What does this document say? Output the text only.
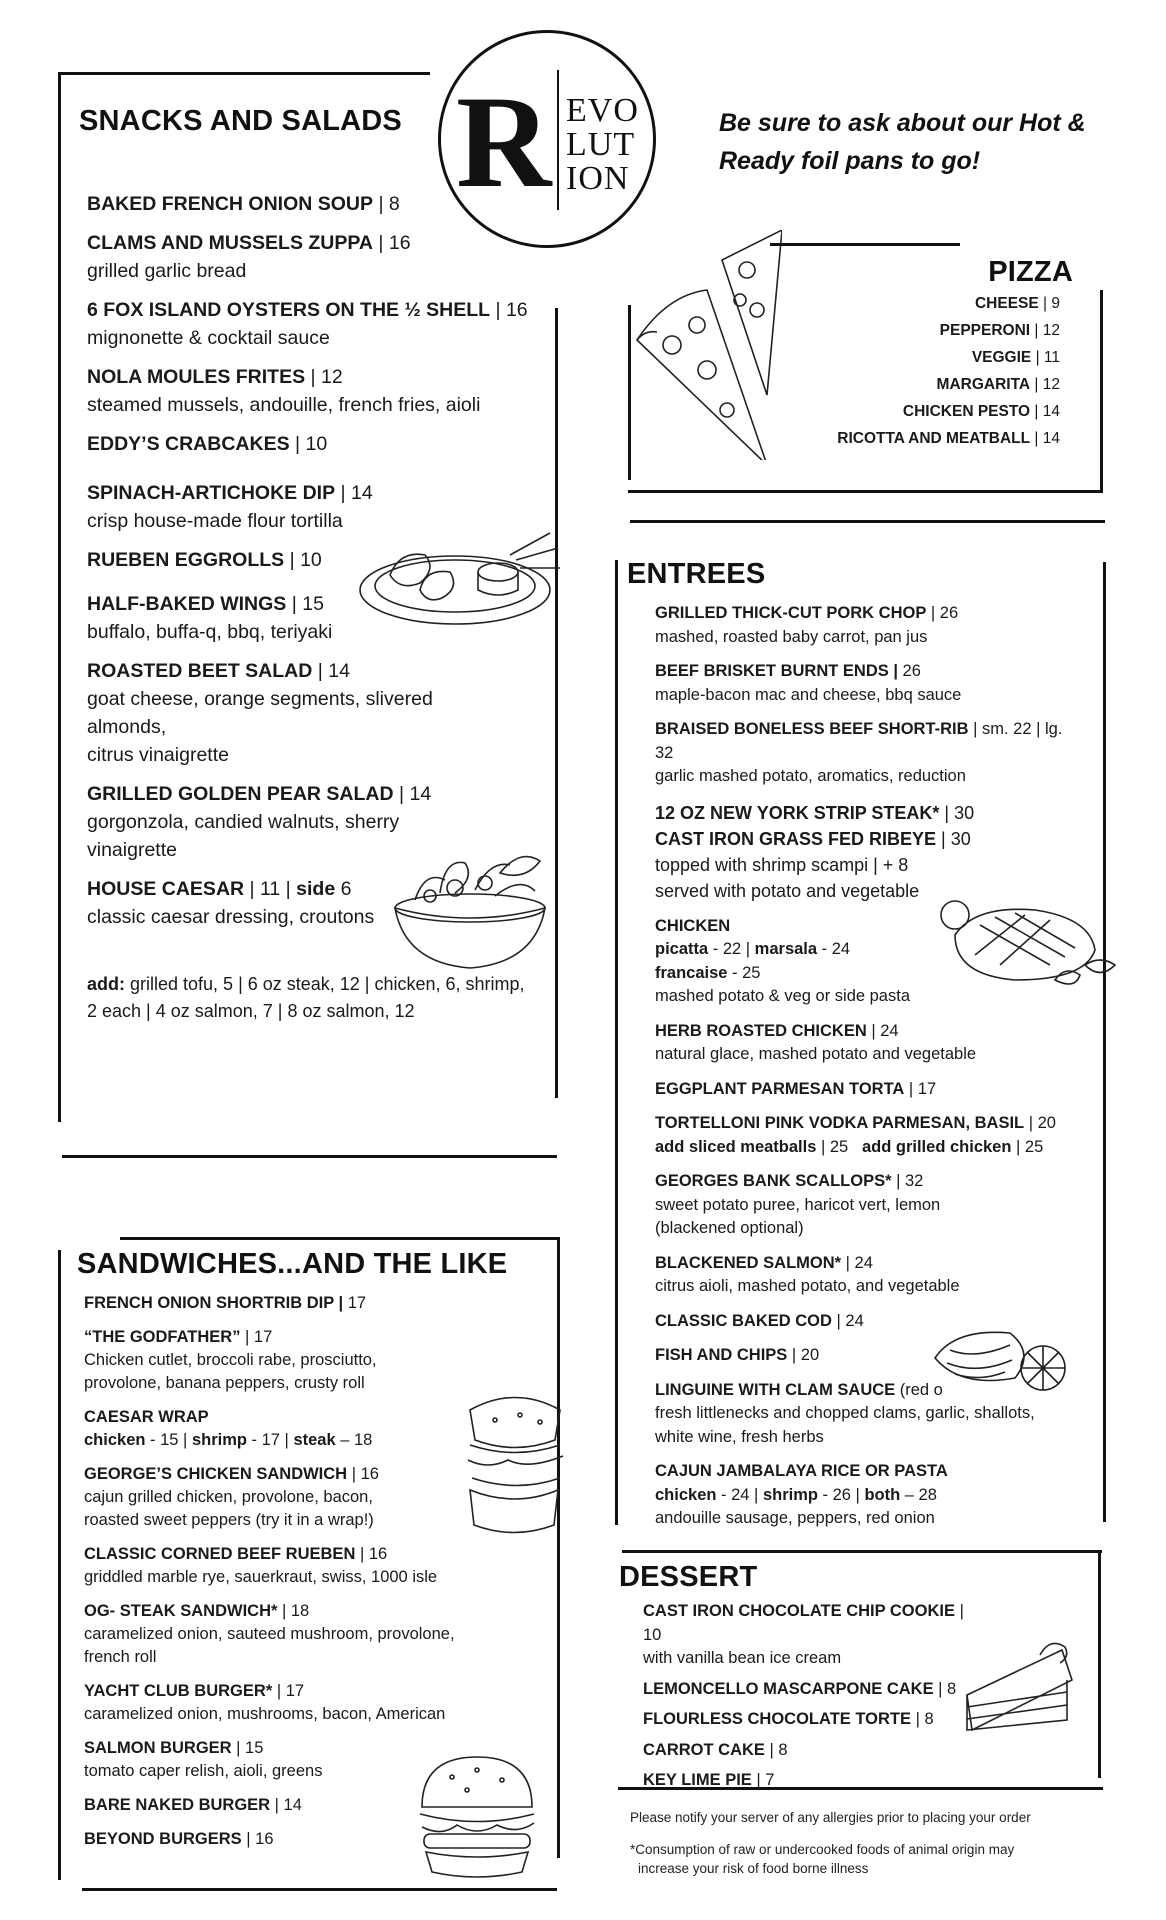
R EVO
LUT
ION
Be sure to ask about our Hot & Ready foil pans to go!
SNACKS AND SALADS
BAKED FRENCH ONION SOUP | 8
CLAMS AND MUSSELS ZUPPA | 16
grilled garlic bread
6 FOX ISLAND OYSTERS ON THE ½ SHELL | 16
mignonette & cocktail sauce
NOLA MOULES FRITES | 12
steamed mussels, andouille, french fries, aioli
EDDY’S CRABCAKES | 10
SPINACH-ARTICHOKE DIP | 14
crisp house-made flour tortilla
RUEBEN EGGROLLS | 10
HALF-BAKED WINGS | 15
buffalo, buffa-q, bbq, teriyaki
ROASTED BEET SALAD | 14
goat cheese, orange segments, slivered almonds,
citrus vinaigrette
GRILLED GOLDEN PEAR SALAD | 14
gorgonzola, candied walnuts, sherry vinaigrette
HOUSE CAESAR | 11 | side 6
classic caesar dressing, croutons
add: grilled tofu, 5 | 6 oz steak, 12 | chicken, 6, shrimp, 2 each | 4 oz salmon, 7 | 8 oz salmon, 12
PIZZA
CHEESE | 9
PEPPERONI | 12
VEGGIE | 11
MARGARITA | 12
CHICKEN PESTO | 14
RICOTTA AND MEATBALL | 14
ENTREES
GRILLED THICK-CUT PORK CHOP | 26
mashed, roasted baby carrot, pan jus
BEEF BRISKET BURNT ENDS | 26
maple-bacon mac and cheese, bbq sauce
BRAISED BONELESS BEEF SHORT-RIB | sm. 22 | lg. 32
garlic mashed potato, aromatics, reduction
12 OZ NEW YORK STRIP STEAK* | 30
CAST IRON GRASS FED RIBEYE | 30
topped with shrimp scampi | + 8
served with potato and vegetable
CHICKEN
picatta - 22 | marsala - 24
francaise - 25
mashed potato & veg or side pasta
HERB ROASTED CHICKEN | 24
natural glace, mashed potato and vegetable
EGGPLANT PARMESAN TORTA | 17
TORTELLONI PINK VODKA PARMESAN, BASIL | 20
add sliced meatballs | 25   add grilled chicken | 25
GEORGES BANK SCALLOPS* | 32
sweet potato puree, haricot vert, lemon
(blackened optional)
BLACKENED SALMON* | 24
citrus aioli, mashed potato, and vegetable
CLASSIC BAKED COD | 24
FISH AND CHIPS | 20
LINGUINE WITH CLAM SAUCE (red o
fresh littlenecks and chopped clams, garlic, shallots, white wine, fresh herbs
CAJUN JAMBALAYA RICE OR PASTA
chicken - 24 | shrimp - 26 | both – 28
andouille sausage, peppers, red onion
SANDWICHES...AND THE LIKE
FRENCH ONION SHORTRIB DIP | 17
“THE GODFATHER” | 17
Chicken cutlet, broccoli rabe, prosciutto, provolone, banana peppers, crusty roll
CAESAR WRAP
chicken - 15 | shrimp - 17 | steak – 18
GEORGE’S CHICKEN SANDWICH | 16
cajun grilled chicken, provolone, bacon, roasted sweet peppers (try it in a wrap!)
CLASSIC CORNED BEEF RUEBEN | 16
griddled marble rye, sauerkraut, swiss, 1000 isle
OG- STEAK SANDWICH* | 18
caramelized onion, sauteed mushroom, provolone, french roll
YACHT CLUB BURGER* | 17
caramelized onion, mushrooms, bacon, American
SALMON BURGER | 15
tomato caper relish, aioli, greens
BARE NAKED BURGER | 14
BEYOND BURGERS | 16
DESSERT
CAST IRON CHOCOLATE CHIP COOKIE | 10
with vanilla bean ice cream
LEMONCELLO MASCARPONE CAKE | 8
FLOURLESS CHOCOLATE TORTE | 8
CARROT CAKE | 8
KEY LIME PIE | 7
Please notify your server of any allergies prior to placing your order
*Consumption of raw or undercooked foods of animal origin may
increase your risk of food borne illness
